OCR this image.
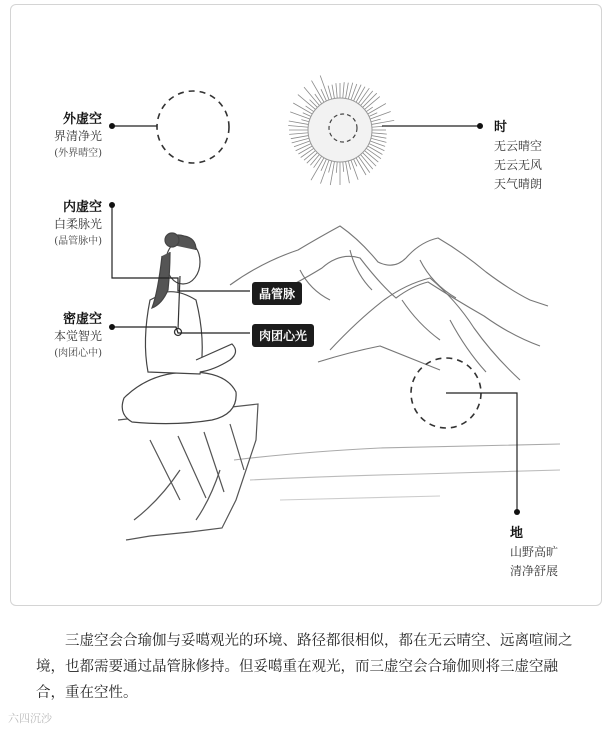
外虚空
界清净光
(外界晴空)
内虚空
白柔脉光
(晶管脉中)
密虚空
本觉智光
(肉团心中)
时
无云晴空
无云无风
天气晴朗
地
山野高旷
清净舒展
晶管脉
肉团心光
三虚空会合瑜伽与妥噶观光的环境、路径都很相似，都在无云晴空、远离喧闹之境，也都需要通过晶管脉修持。但妥噶重在观光，而三虚空会合瑜伽则将三虚空融合，重在空性。
六四沉沙
